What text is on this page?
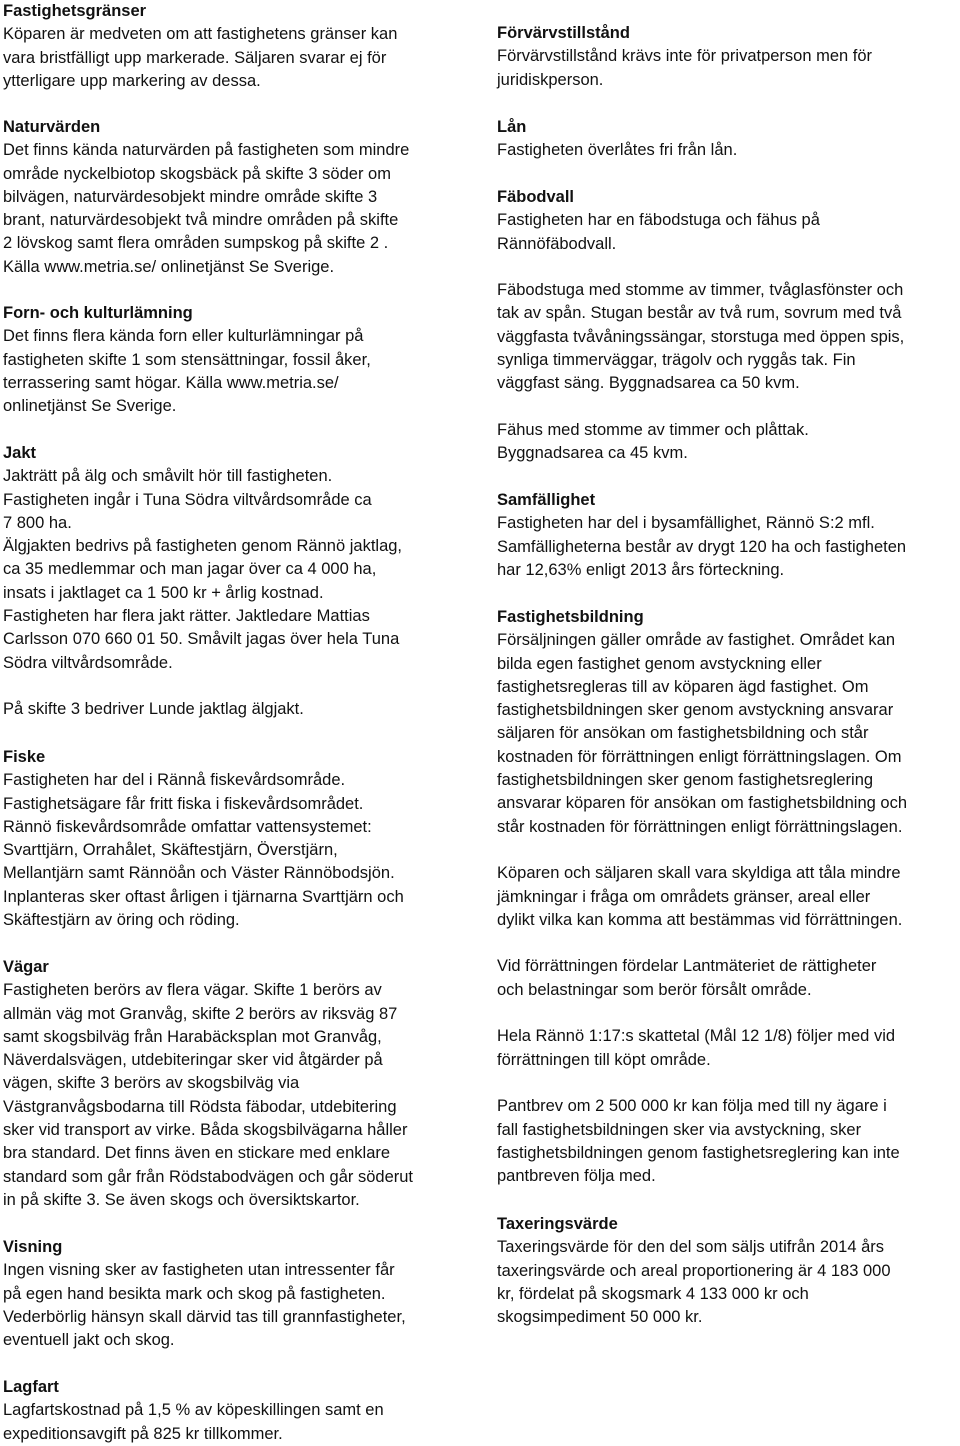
Fastighetsgränser
Köparen är medveten om att fastighetens gränser kan
vara bristfälligt upp markerade. Säljaren svarar ej för
ytterligare upp markering av dessa.
Naturvärden
Det finns kända naturvärden på fastigheten som mindre
område nyckelbiotop skogsbäck på skifte 3 söder om
bilvägen, naturvärdesobjekt mindre område skifte 3
brant, naturvärdesobjekt två mindre områden på skifte
2 lövskog samt flera områden sumpskog på skifte 2 .
Källa www.metria.se/ onlinetjänst Se Sverige.
Forn- och kulturlämning
Det finns flera kända forn eller kulturlämningar på
fastigheten skifte 1 som stensättningar, fossil åker,
terrassering samt högar. Källa www.metria.se/
onlinetjänst Se Sverige.
Jakt
Jakträtt på älg och småvilt hör till fastigheten.
Fastigheten ingår i Tuna Södra viltvårdsområde ca
7 800 ha.
Älgjakten bedrivs på fastigheten genom Rännö jaktlag,
ca 35 medlemmar och man jagar över ca 4 000 ha,
insats i jaktlaget ca 1 500 kr + årlig kostnad.
Fastigheten har flera jakt rätter. Jaktledare Mattias
Carlsson 070 660 01 50. Småvilt jagas över hela Tuna
Södra viltvårdsområde.

På skifte 3 bedriver Lunde jaktlag älgjakt.
Fiske
Fastigheten har del i Rännå fiskevårdsområde.
Fastighetsägare får fritt fiska i fiskevårdsområdet.
Rännö fiskevårdsområde omfattar vattensystemet:
Svarttjärn, Orrahålet, Skäftestjärn, Överstjärn,
Mellantjärn samt Rännöån och Väster Rännöbodsjön.
Inplanteras sker oftast årligen i tjärnarna Svarttjärn och
Skäftestjärn av öring och röding.
Vägar
Fastigheten berörs av flera vägar. Skifte 1 berörs av
allmän väg mot Granvåg, skifte 2 berörs av riksväg 87
samt skogsbilväg från Harabäcksplan mot Granvåg,
Näverdalsvägen, utdebiteringar sker vid åtgärder på
vägen, skifte 3 berörs av skogsbilväg via
Västgranvågsbodarna till Rödsta fäbodar, utdebitering
sker vid transport av virke. Båda skogsbilvägarna håller
bra standard. Det finns även en stickare med enklare
standard som går från Rödstabodvägen och går söderut
in på skifte 3. Se även skogs och översiktskartor.
Visning
Ingen visning sker av fastigheten utan intressenter får
på egen hand besikta mark och skog på fastigheten.
Vederbörlig hänsyn skall därvid tas till grannfastigheter,
eventuell jakt och skog.
Lagfart
Lagfartskostnad på 1,5 % av köpeskillingen samt en
expeditionsavgift på 825 kr tillkommer.
Förvärvstillstånd
Förvärvstillstånd krävs inte för privatperson men för
juridiskperson.
Lån
Fastigheten överlåtes fri från lån.
Fäbodvall
Fastigheten har en fäbodstuga och fähus på
Rännöfäbodvall.

Fäbodstuga med stomme av timmer, tvåglasfönster och
tak av spån. Stugan består av två rum, sovrum med två
väggfasta tvåvåningssängar, storstuga med öppen spis,
synliga timmerväggar, trägolv och ryggås tak. Fin
väggfast säng. Byggnadsarea ca 50 kvm.

Fähus med stomme av timmer och plåttak.
Byggnadsarea ca 45 kvm.
Samfällighet
Fastigheten har del i bysamfällighet, Rännö S:2 mfl.
Samfälligheterna består av drygt 120 ha och fastigheten
har 12,63% enligt 2013 års förteckning.
Fastighetsbildning
Försäljningen gäller område av fastighet. Området kan
bilda egen fastighet genom avstyckning eller
fastighetsregleras till av köparen ägd fastighet. Om
fastighetsbildningen sker genom avstyckning ansvarar
säljaren för ansökan om fastighetsbildning och står
kostnaden för förrättningen enligt förrättningslagen. Om
fastighetsbildningen sker genom fastighetsreglering
ansvarar köparen för ansökan om fastighetsbildning och
står kostnaden för förrättningen enligt förrättningslagen.

Köparen och säljaren skall vara skyldiga att tåla mindre
jämkningar i fråga om områdets gränser, areal eller
dylikt vilka kan komma att bestämmas vid förrättningen.

Vid förrättningen fördelar Lantmäteriet de rättigheter
och belastningar som berör försålt område.

Hela Rännö 1:17:s skattetal (Mål 12 1/8) följer med vid
förrättningen till köpt område.

Pantbrev om 2 500 000 kr kan följa med till ny ägare i
fall fastighetsbildningen sker via avstyckning, sker
fastighetsbildningen genom fastighetsreglering kan inte
pantbreven följa med.
Taxeringsvärde
Taxeringsvärde för den del som säljs utifrån 2014 års
taxeringsvärde och areal proportionering är 4 183 000
kr, fördelat på skogsmark 4 133 000 kr och
skogsimpediment 50 000 kr.
